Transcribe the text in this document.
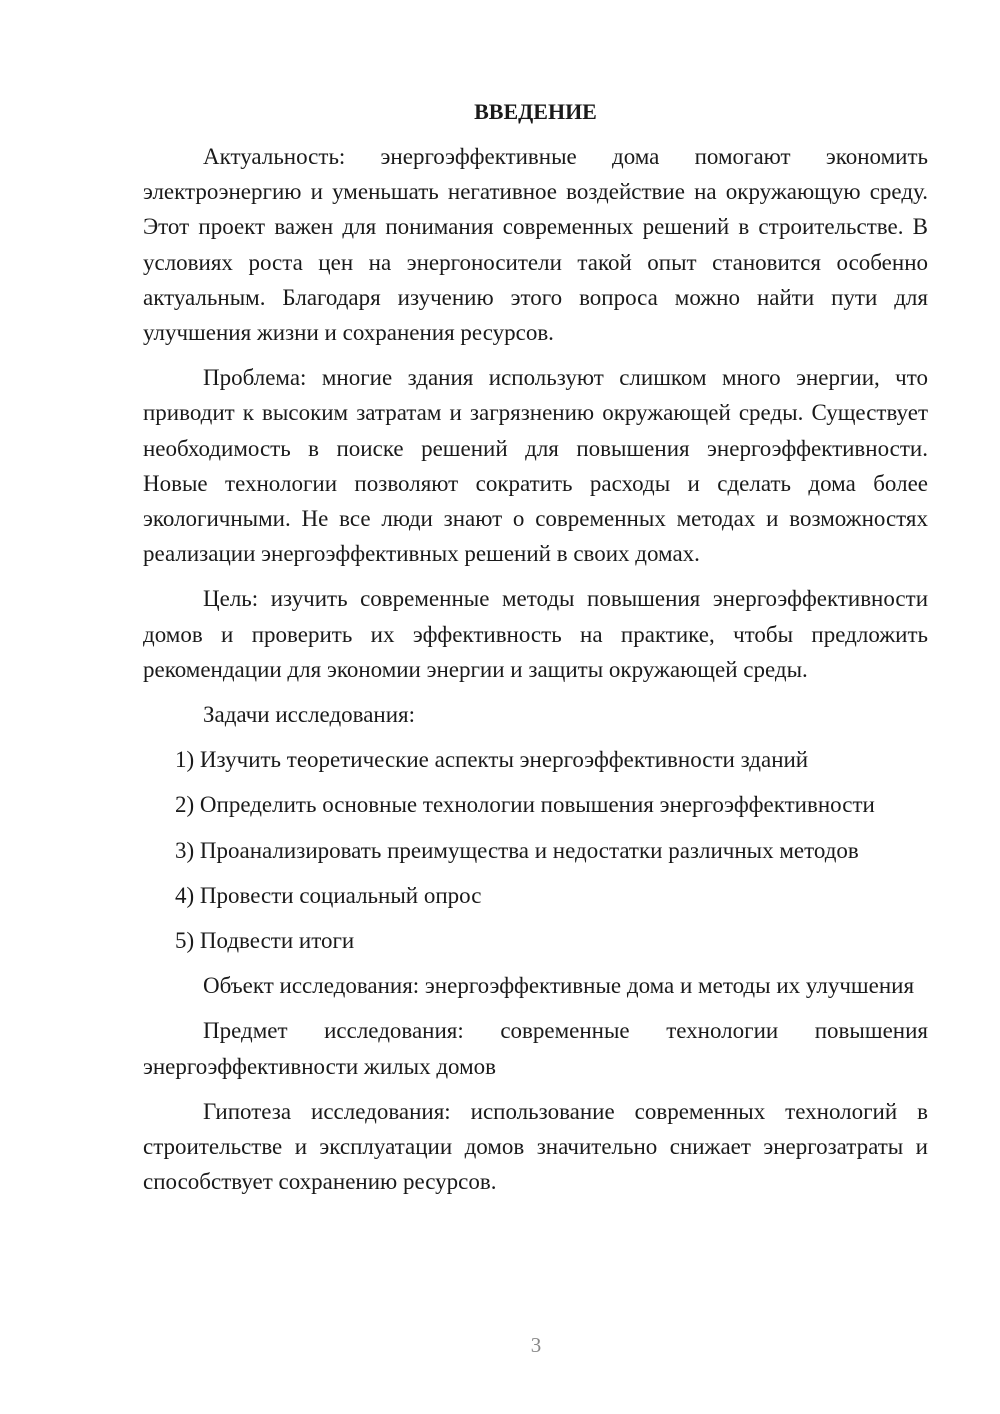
ВВЕДЕНИЕ

Актуальность: энергоэффективные дома помогают экономить электроэнергию и уменьшать негативное воздействие на окружающую среду. Этот проект важен для понимания современных решений в строительстве. В условиях роста цен на энергоносители такой опыт становится особенно актуальным. Благодаря изучению этого вопроса можно найти пути для улучшения жизни и сохранения ресурсов.

Проблема: многие здания используют слишком много энергии, что приводит к высоким затратам и загрязнению окружающей среды. Существует необходимость в поиске решений для повышения энергоэффективности. Новые технологии позволяют сократить расходы и сделать дома более экологичными. Не все люди знают о современных методах и возможностях реализации энергоэффективных решений в своих домах.

Цель: изучить современные методы повышения энергоэффективности домов и проверить их эффективность на практике, чтобы предложить рекомендации для экономии энергии и защиты окружающей среды.

Задачи исследования:
1) Изучить теоретические аспекты энергоэффективности зданий
2) Определить основные технологии повышения энергоэффективности
3) Проанализировать преимущества и недостатки различных методов
4) Провести социальный опрос
5) Подвести итоги

Объект исследования: энергоэффективные дома и методы их улучшения

Предмет исследования: современные технологии повышения энергоэффективности жилых домов

Гипотеза исследования: использование современных технологий в строительстве и эксплуатации домов значительно снижает энергозатраты и способствует сохранению ресурсов.

3
